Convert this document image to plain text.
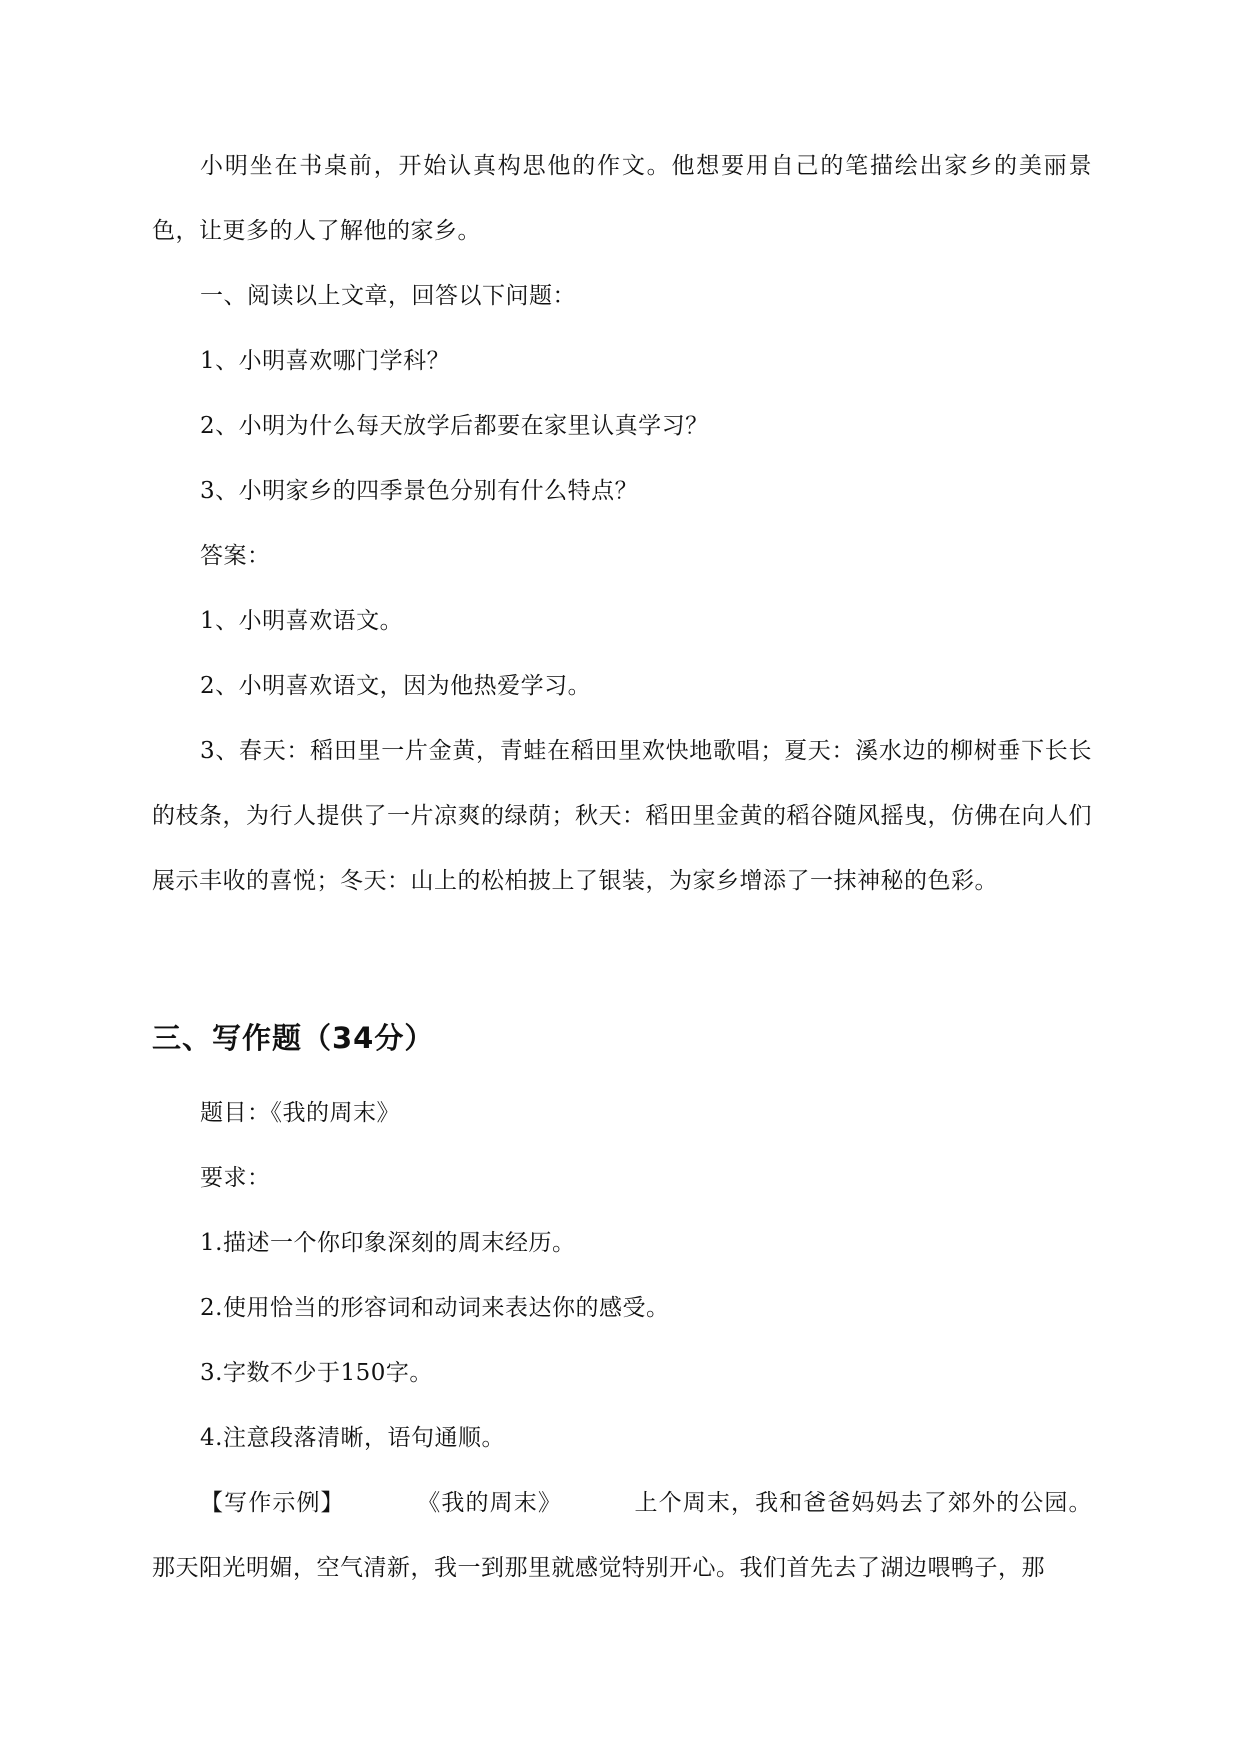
小明坐在书桌前，开始认真构思他的作文。他想要用自己的笔描绘出家乡的美丽景色，让更多的人了解他的家乡。

一、阅读以上文章，回答以下问题：

1、小明喜欢哪门学科？

2、小明为什么每天放学后都要在家里认真学习？

3、小明家乡的四季景色分别有什么特点？

答案：

1、小明喜欢语文。

2、小明喜欢语文，因为他热爱学习。

3、春天：稻田里一片金黄，青蛙在稻田里欢快地歌唱；夏天：溪水边的柳树垂下长长的枝条，为行人提供了一片凉爽的绿荫；秋天：稻田里金黄的稻谷随风摇曳，仿佛在向人们展示丰收的喜悦；冬天：山上的松柏披上了银装，为家乡增添了一抹神秘的色彩。

三、写作题（34分）

题目：《我的周末》

要求：

1.描述一个你印象深刻的周末经历。

2.使用恰当的形容词和动词来表达你的感受。

3.字数不少于150字。

4.注意段落清晰，语句通顺。

【写作示例】	《我的周末》	上个周末，我和爸爸妈妈去了郊外的公园。那天阳光明媚，空气清新，我一到那里就感觉特别开心。我们首先去了湖边喂鸭子，那
